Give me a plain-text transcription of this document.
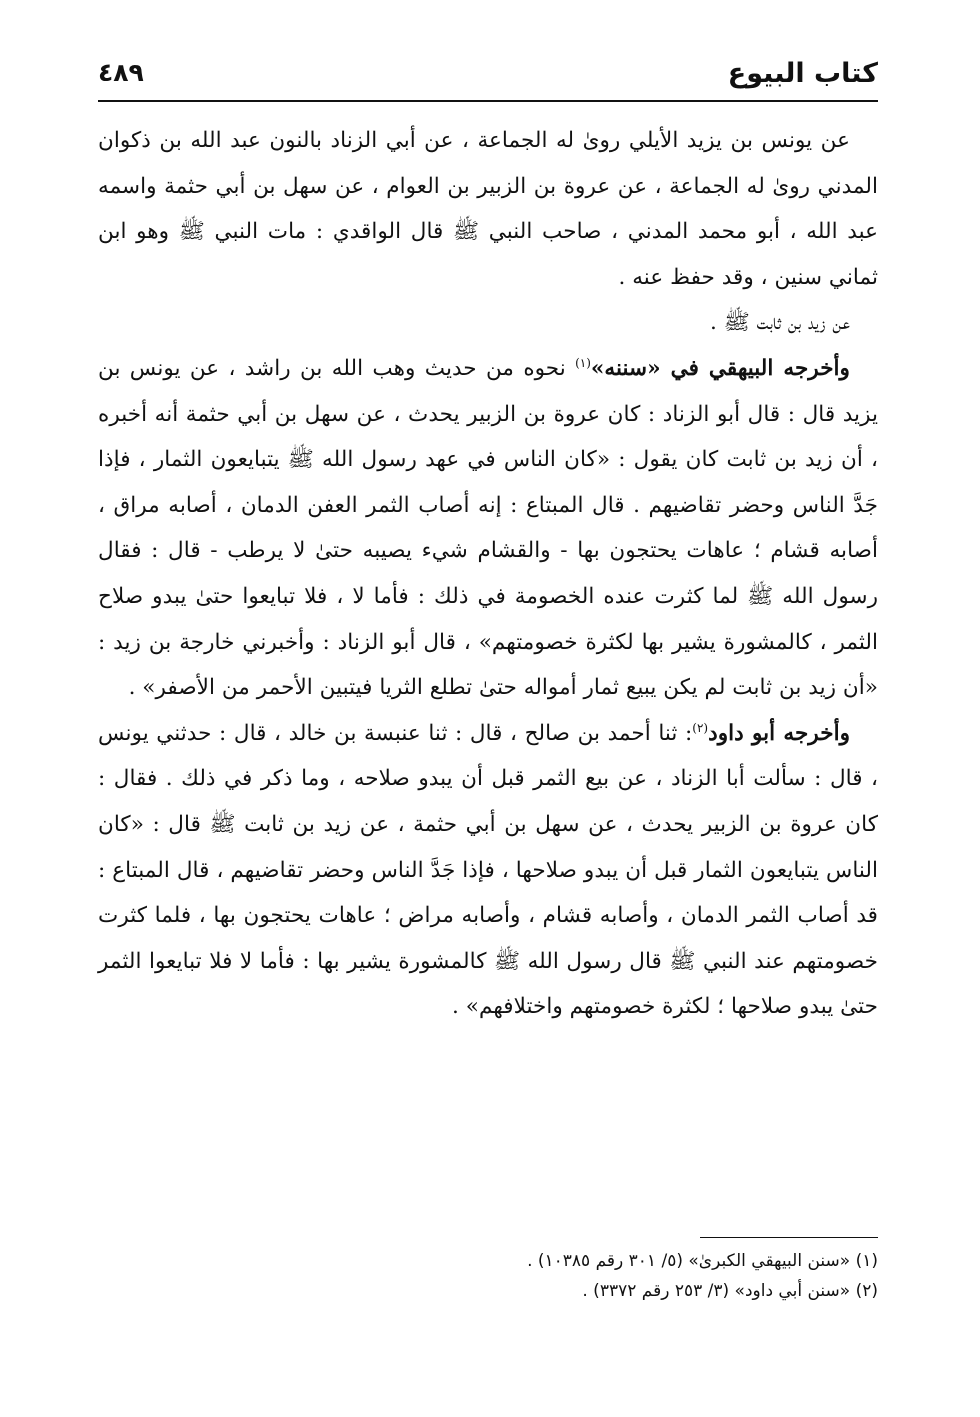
كتاب البيوع
٤٨٩

عن يونس بن يزيد الأيلي روىٰ له الجماعة ، عن أبي الزناد بالنون عبد الله بن ذكوان المدني روىٰ له الجماعة ، عن عروة بن الزبير بن العوام ، عن سهل بن أبي حثمة واسمه عبد الله ، أبو محمد المدني ، صاحب النبي ﷺ قال الواقدي : مات النبي ﷺ وهو ابن ثماني سنين ، وقد حفظ عنه .

عن زيد بن ثابت ﷺ .

وأخرجه البيهقي في «سننه»$^{(١)}$ نحوه من حديث وهب الله بن راشد ، عن يونس بن يزيد قال : قال أبو الزناد : كان عروة بن الزبير يحدث ، عن سهل بن أبي حثمة أنه أخبره ، أن زيد بن ثابت كان يقول : «كان الناس في عهد رسول الله ﷺ يتبايعون الثمار ، فإذا جَدَّ الناس وحضر تقاضيهم . قال المبتاع : إنه أصاب الثمر العفن الدمان ، أصابه مراق ، أصابه قشام ؛ عاهات يحتجون بها - والقشام شيء يصيبه حتىٰ لا يرطب - قال : فقال رسول الله ﷺ لما كثرت عنده الخصومة في ذلك : فأما لا ، فلا تبايعوا حتىٰ يبدو صلاح الثمر ، كالمشورة يشير بها لكثرة خصومتهم» ، قال أبو الزناد : وأخبرني خارجة بن زيد : «أن زيد بن ثابت لم يكن يبيع ثمار أمواله حتىٰ تطلع الثريا فيتبين الأحمر من الأصفر» .

وأخرجه أبو داود$^{(٢)}$: ثنا أحمد بن صالح ، قال : ثنا عنبسة بن خالد ، قال : حدثني يونس ، قال : سألت أبا الزناد ، عن بيع الثمر قبل أن يبدو صلاحه ، وما ذكر في ذلك . فقال : كان عروة بن الزبير يحدث ، عن سهل بن أبي حثمة ، عن زيد بن ثابت ﷺ قال : «كان الناس يتبايعون الثمار قبل أن يبدو صلاحها ، فإذا جَدَّ الناس وحضر تقاضيهم ، قال المبتاع : قد أصاب الثمر الدمان ، وأصابه قشام ، وأصابه مراض ؛ عاهات يحتجون بها ، فلما كثرت خصومتهم عند النبي ﷺ قال رسول الله ﷺ كالمشورة يشير بها : فأما لا فلا تبايعوا الثمر حتىٰ يبدو صلاحها ؛ لكثرة خصومتهم واختلافهم» .

(١) «سنن البيهقي الكبرىٰ» (٥/ ٣٠١ رقم ١٠٣٨٥) .
(٢) «سنن أبي داود» (٣/ ٢٥٣ رقم ٣٣٧٢) .
